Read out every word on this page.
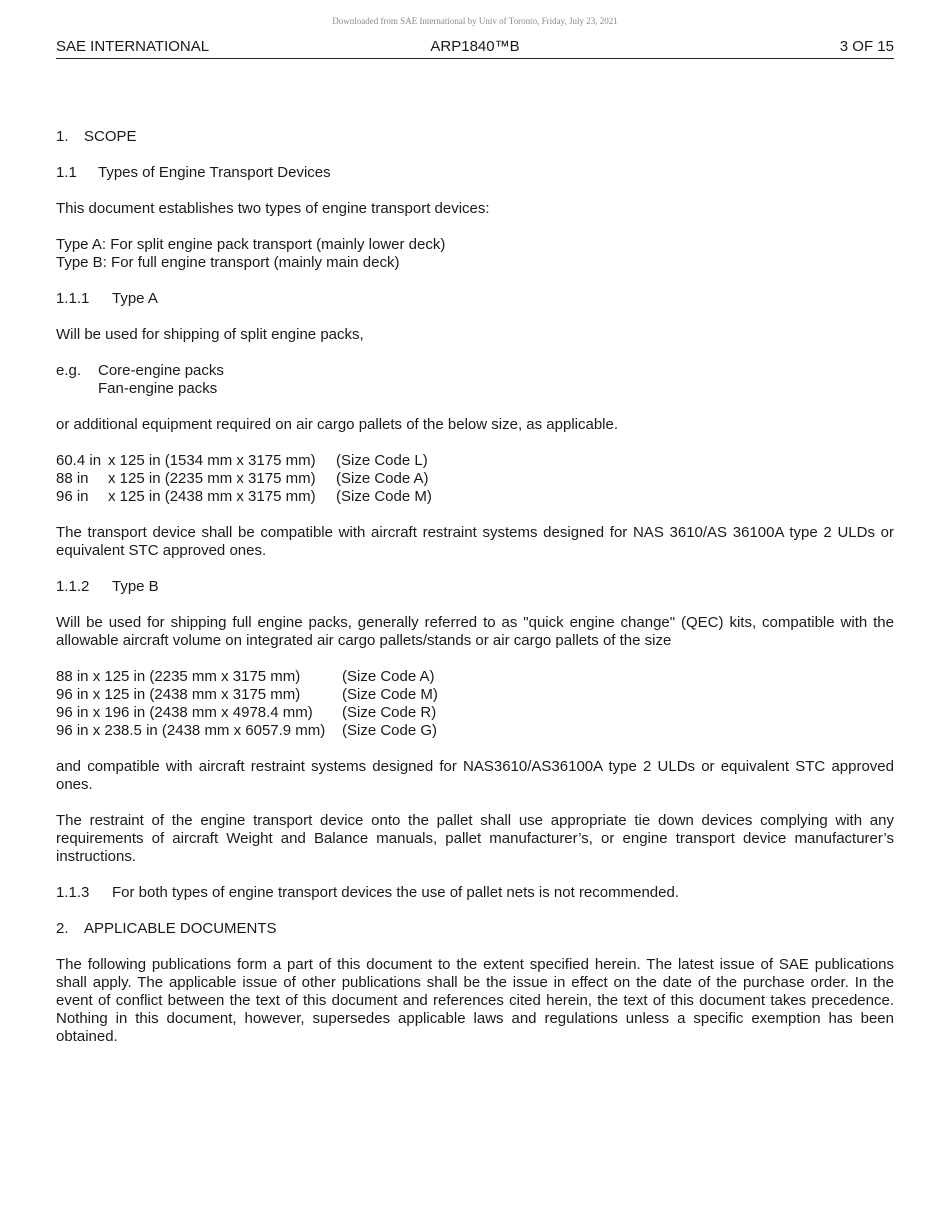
Downloaded from SAE International by Univ of Toronto, Friday, July 23, 2021
SAE INTERNATIONAL	ARP1840™B	3 OF 15

1. SCOPE

1.1 Types of Engine Transport Devices

This document establishes two types of engine transport devices:

Type A: For split engine pack transport (mainly lower deck)

Type B: For full engine transport (mainly main deck)

1.1.1 Type A

Will be used for shipping of split engine packs,

e.g.	Core-engine packs

Fan-engine packs

or additional equipment required on air cargo pallets of the below size, as applicable.

60.4 in	x 125 in (1534 mm x 3175 mm)	(Size Code L)
88 in	x 125 in (2235 mm x 3175 mm)	(Size Code A)
96 in	x 125 in (2438 mm x 3175 mm)	(Size Code M)

The transport device shall be compatible with aircraft restraint systems designed for NAS 3610/AS 36100A type 2 ULDs or equivalent STC approved ones.

1.1.2 Type B

Will be used for shipping full engine packs, generally referred to as "quick engine change" (QEC) kits, compatible with the allowable aircraft volume on integrated air cargo pallets/stands or air cargo pallets of the size

88 in x 125 in (2235 mm x 3175 mm)	(Size Code A)
96 in x 125 in (2438 mm x 3175 mm)	(Size Code M)
96 in x 196 in (2438 mm x 4978.4 mm)	(Size Code R)
96 in x 238.5 in (2438 mm x 6057.9 mm)	(Size Code G)

and compatible with aircraft restraint systems designed for NAS3610/AS36100A type 2 ULDs or equivalent STC approved ones.

The restraint of the engine transport device onto the pallet shall use appropriate tie down devices complying with any requirements of aircraft Weight and Balance manuals, pallet manufacturer’s, or engine transport device manufacturer’s instructions.

1.1.3 For both types of engine transport devices the use of pallet nets is not recommended.

2. APPLICABLE DOCUMENTS

The following publications form a part of this document to the extent specified herein. The latest issue of SAE publications shall apply. The applicable issue of other publications shall be the issue in effect on the date of the purchase order. In the event of conflict between the text of this document and references cited herein, the text of this document takes precedence. Nothing in this document, however, supersedes applicable laws and regulations unless a specific exemption has been obtained.
